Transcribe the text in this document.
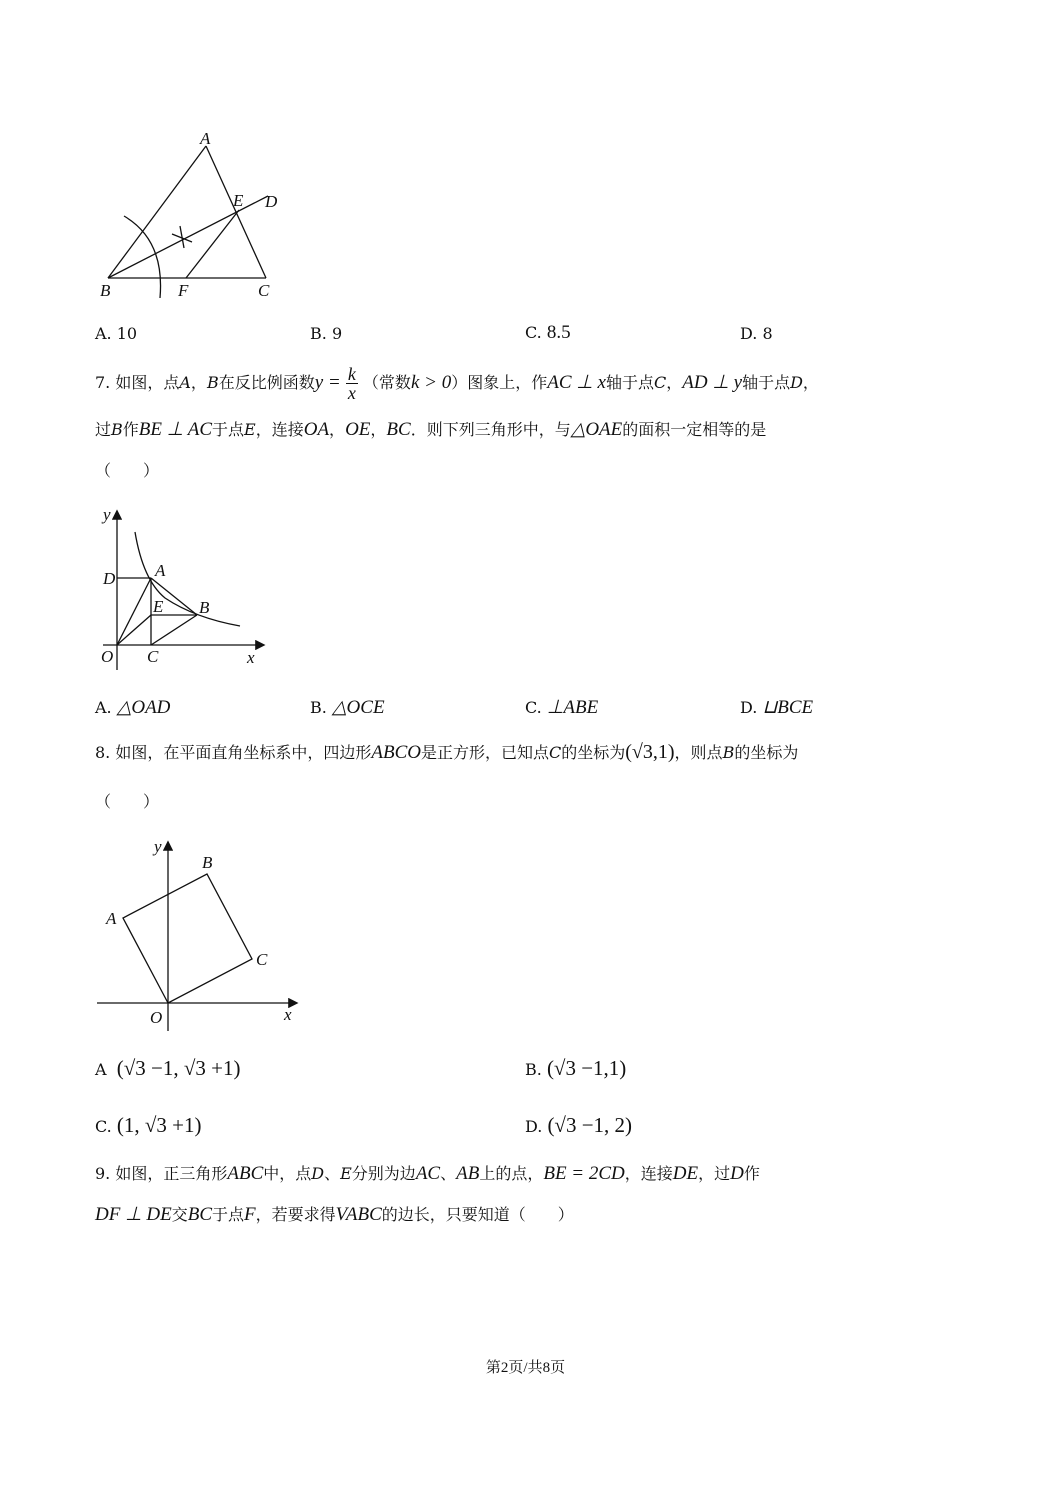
A
E D
B	F	C
A. 10	B. 9	C. 8.5	D. 8
7. 如图，点A，B在反比例函数$y = \frac{k}{x}$ （常数k > 0）图象上，作AC ⊥ x轴于点C，AD ⊥ y轴于点D，
过B作BE ⊥ AC于点E，连接OA，OE，BC．则下列三角形中，与△OAE的面积一定相等的是
（　　）
y
D A
E B
O C	x
A. △OAD	B. △OCE	C. ⊥ABE	D. ⊔BCE
8. 如图，在平面直角坐标系中，四边形ABCO是正方形，已知点C的坐标为(√3,1)，则点B的坐标为
（　　）
y
B
A
C
O	x
A (√3 −1, √3 +1)	B. (√3 −1,1)
C. (1, √3 +1)	D. (√3 −1, 2)
9. 如图，正三角形ABC中，点D、E分别为边AC、AB上的点，BE = 2CD，连接DE，过D作
DF ⊥ DE交BC于点F，若要求得VABC的边长，只要知道（　　）
第2页/共8页
